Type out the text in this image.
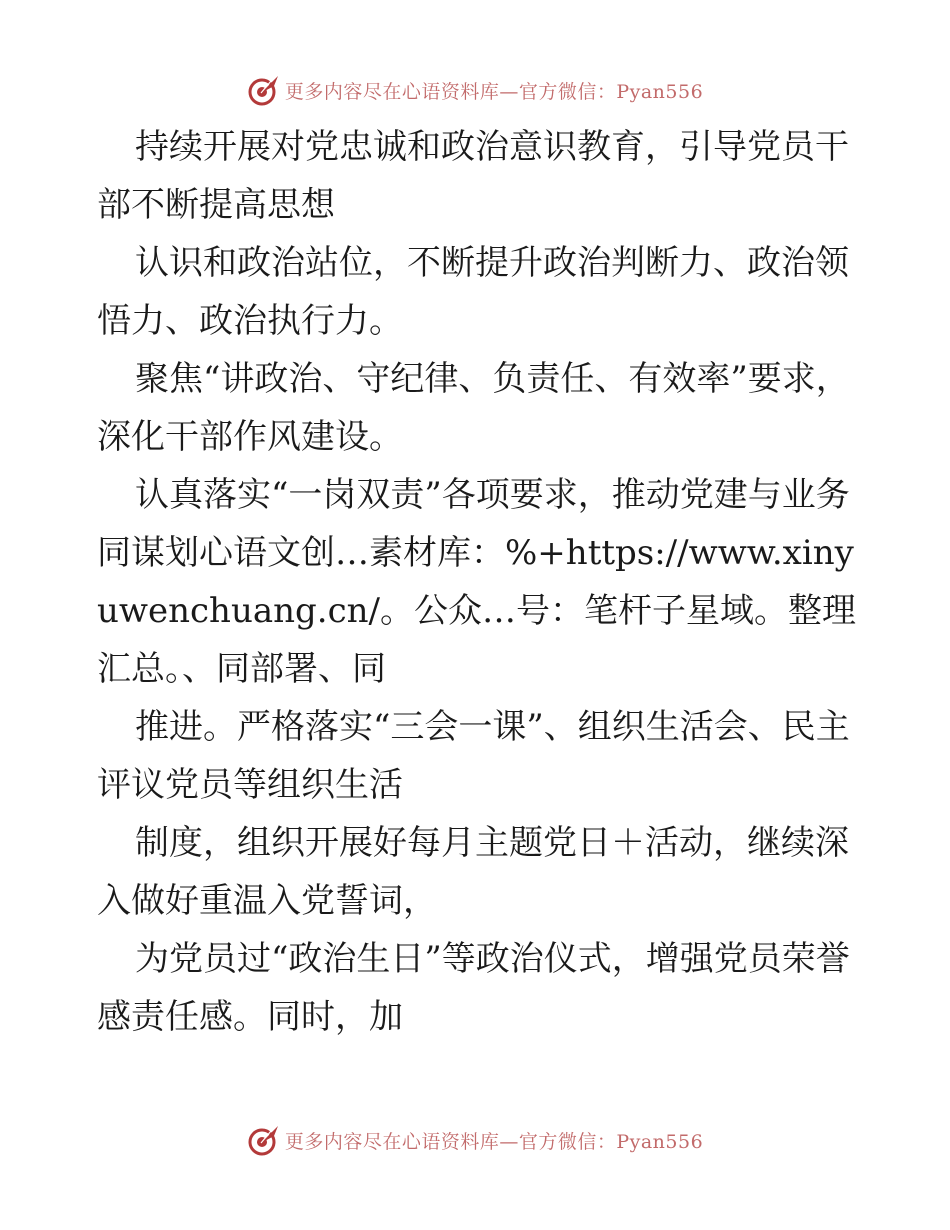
更多内容尽在心语资料库—官方微信：Pyan556

持续开展对党忠诚和政治意识教育，引导党员干部不断提高思想

认识和政治站位，不断提升政治判断力、政治领悟力、政治执行力。

聚焦“讲政治、守纪律、负责任、有效率”要求，深化干部作风建设。

认真落实“一岗双责”各项要求，推动党建与业务同谋划心语文创…素材库：%+https://www.xinyuwenchuang.cn/。公众…号：笔杆子星域。整理汇总。、同部署、同

推进。严格落实“三会一课”、组织生活会、民主评议党员等组织生活

制度，组织开展好每月主题党日＋活动，继续深入做好重温入党誓词，

为党员过“政治生日”等政治仪式，增强党员荣誉感责任感。同时，加

更多内容尽在心语资料库—官方微信：Pyan556
